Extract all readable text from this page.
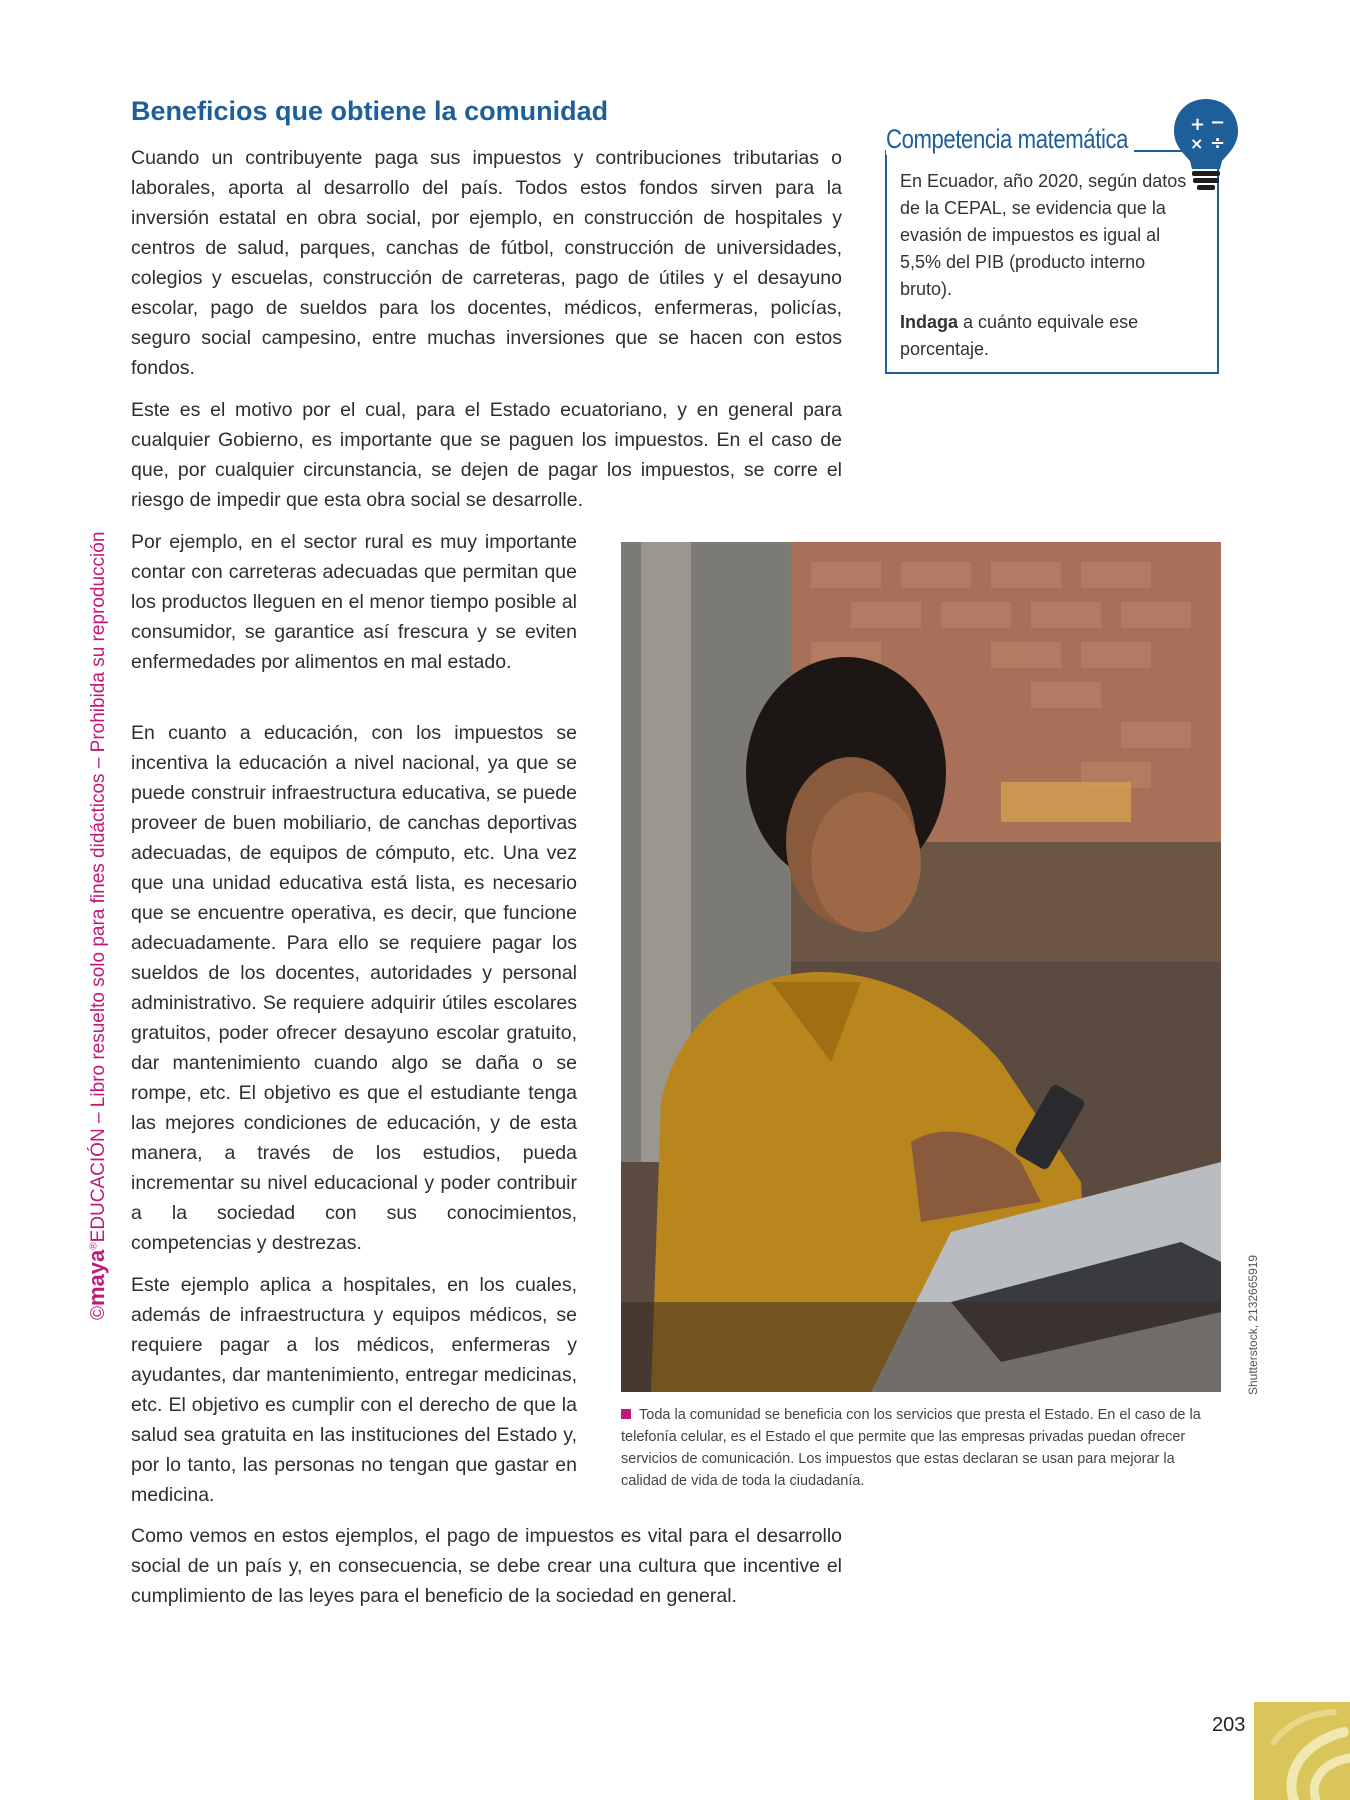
©maya®EDUCACIÓN – Libro resuelto solo para fines didácticos – Prohibida su reproducción
Beneficios que obtiene la comunidad

Cuando un contribuyente paga sus impuestos y contribuciones tributarias o laborales, aporta al desarrollo del país. Todos estos fondos sirven para la inversión estatal en obra social, por ejemplo, en construcción de hospitales y centros de salud, parques, canchas de fútbol, construcción de universidades, colegios y escuelas, construcción de carreteras, pago de útiles y el desayuno escolar, pago de sueldos para los docentes, médicos, enfermeras, policías, seguro social campesino, entre muchas inversiones que se hacen con estos fondos.

Este es el motivo por el cual, para el Estado ecuatoriano, y en general para cualquier Gobierno, es importante que se paguen los impuestos. En el caso de que, por cualquier circunstancia, se dejen de pagar los impuestos, se corre el riesgo de impedir que esta obra social se desarrolle.

Por ejemplo, en el sector rural es muy importante contar con carreteras adecuadas que permitan que los productos lleguen en el menor tiempo posible al consumidor, se garantice así frescura y se eviten enfermedades por alimentos en mal estado.

En cuanto a educación, con los impuestos se incentiva la educación a nivel nacional, ya que se puede construir infraestructura educativa, se puede proveer de buen mobiliario, de canchas deportivas adecuadas, de equipos de cómputo, etc. Una vez que una unidad educativa está lista, es necesario que se encuentre operativa, es decir, que funcione adecuadamente. Para ello se requiere pagar los sueldos de los docentes, autoridades y personal administrativo. Se requiere adquirir útiles escolares gratuitos, poder ofrecer desayuno escolar gratuito, dar mantenimiento cuando algo se daña o se rompe, etc. El objetivo es que el estudiante tenga las mejores condiciones de educación, y de esta manera, a través de los estudios, pueda incrementar su nivel educacional y poder contribuir a la sociedad con sus conocimientos, competencias y destrezas.

Este ejemplo aplica a hospitales, en los cuales, además de infraestructura y equipos médicos, se requiere pagar a los médicos, enfermeras y ayudantes, dar mantenimiento, entregar medicinas, etc. El objetivo es cumplir con el derecho de que la salud sea gratuita en las instituciones del Estado y, por lo tanto, las personas no tengan que gastar en medicina.

Como vemos en estos ejemplos, el pago de impuestos es vital para el desarrollo social de un país y, en consecuencia, se debe crear una cultura que incentive el cumplimiento de las leyes para el beneficio de la sociedad en general.

Competencia matemática

En Ecuador, año 2020, según datos de la CEPAL, se evidencia que la evasión de impuestos es igual al 5,5% del PIB (producto interno bruto).

Indaga a cuánto equivale ese porcentaje.

+ −
× ÷
Shutterstock, 2132665919
Toda la comunidad se beneficia con los servicios que presta el Estado. En el caso de la telefonía celular, es el Estado el que permite que las empresas privadas puedan ofrecer servicios de comunicación. Los impuestos que estas declaran se usan para mejorar la calidad de vida de toda la ciudadanía.
203
